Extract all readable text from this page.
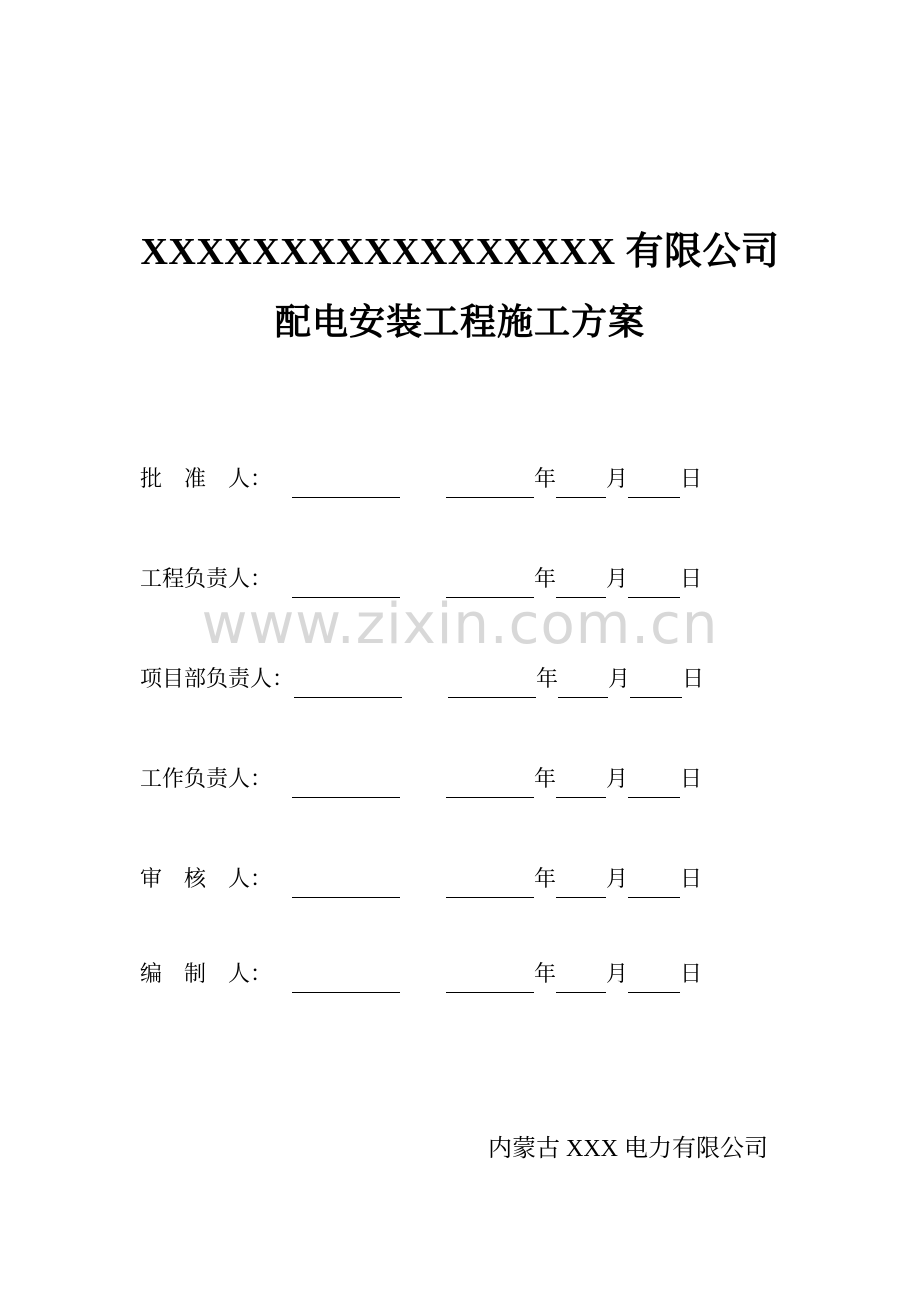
XXXXXXXXXXXXXXXXX 有限公司
配电安装工程施工方案
www.zixin.com.cn
批　准　人：	年 月 日
工程负责人：	年 月 日
项目部负责人：	年 月 日
工作负责人：	年 月 日
审　核　人：	年 月 日
编　制　人：	年 月 日
内蒙古 XXX 电力有限公司
